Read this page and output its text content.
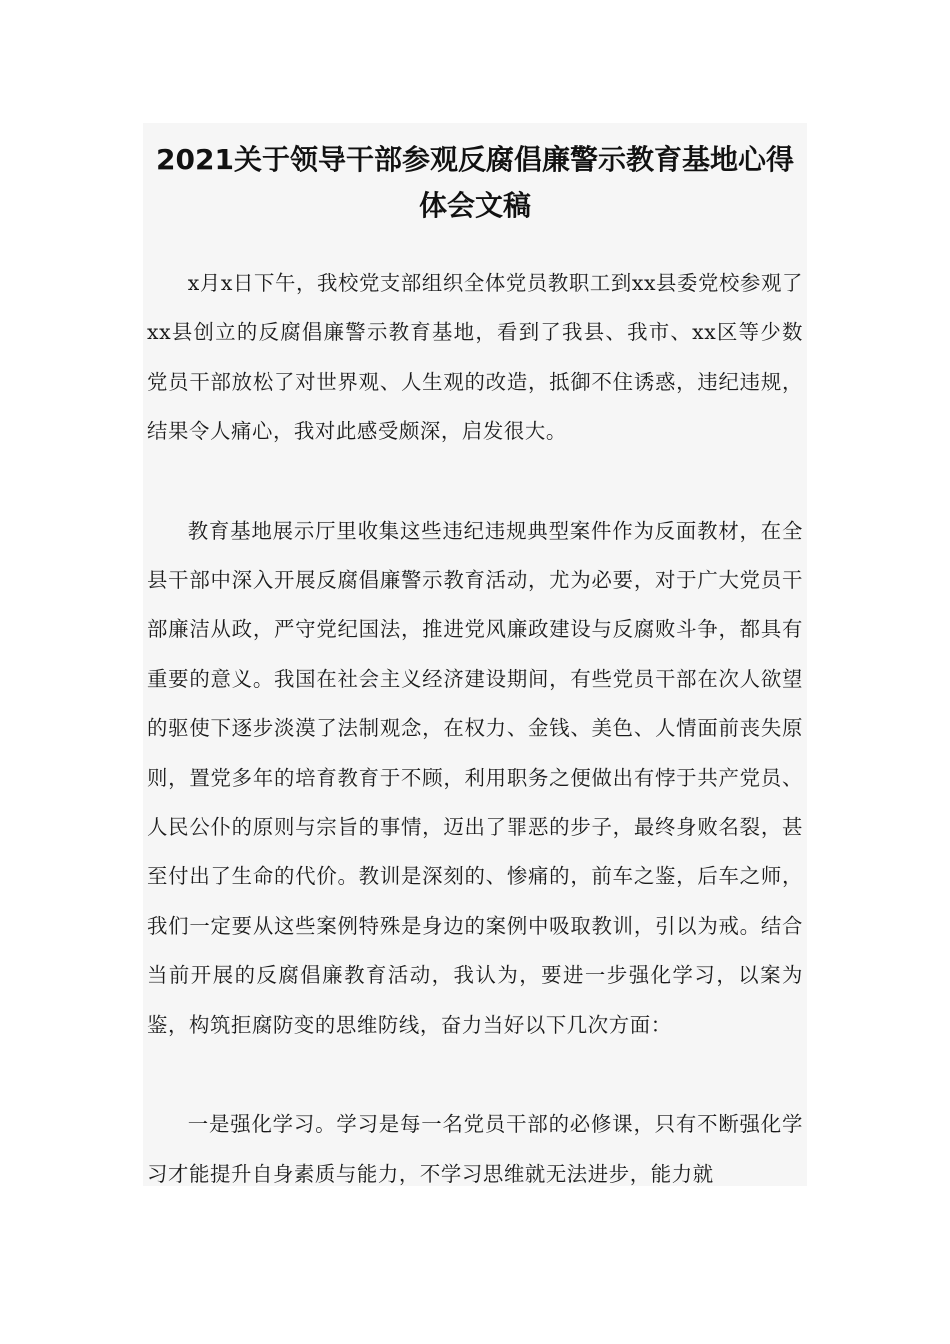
2021关于领导干部参观反腐倡廉警示教育基地心得
体会文稿

x月x日下午，我校党支部组织全体党员教职工到xx县委党校参观了xx县创立的反腐倡廉警示教育基地，看到了我县、我市、xx区等少数党员干部放松了对世界观、人生观的改造，抵御不住诱惑，违纪违规，结果令人痛心，我对此感受颇深，启发很大。

教育基地展示厅里收集这些违纪违规典型案件作为反面教材，在全县干部中深入开展反腐倡廉警示教育活动，尤为必要，对于广大党员干部廉洁从政，严守党纪国法，推进党风廉政建设与反腐败斗争，都具有重要的意义。我国在社会主义经济建设期间，有些党员干部在次人欲望的驱使下逐步淡漠了法制观念，在权力、金钱、美色、人情面前丧失原则，置党多年的培育教育于不顾，利用职务之便做出有悖于共产党员、人民公仆的原则与宗旨的事情，迈出了罪恶的步子，最终身败名裂，甚至付出了生命的代价。教训是深刻的、惨痛的，前车之鉴，后车之师，我们一定要从这些案例特殊是身边的案例中吸取教训，引以为戒。结合当前开展的反腐倡廉教育活动，我认为，要进一步强化学习，以案为鉴，构筑拒腐防变的思维防线，奋力当好以下几次方面：

一是强化学习。学习是每一名党员干部的必修课，只有不断强化学习才能提升自身素质与能力，不学习思维就无法进步，能力就
